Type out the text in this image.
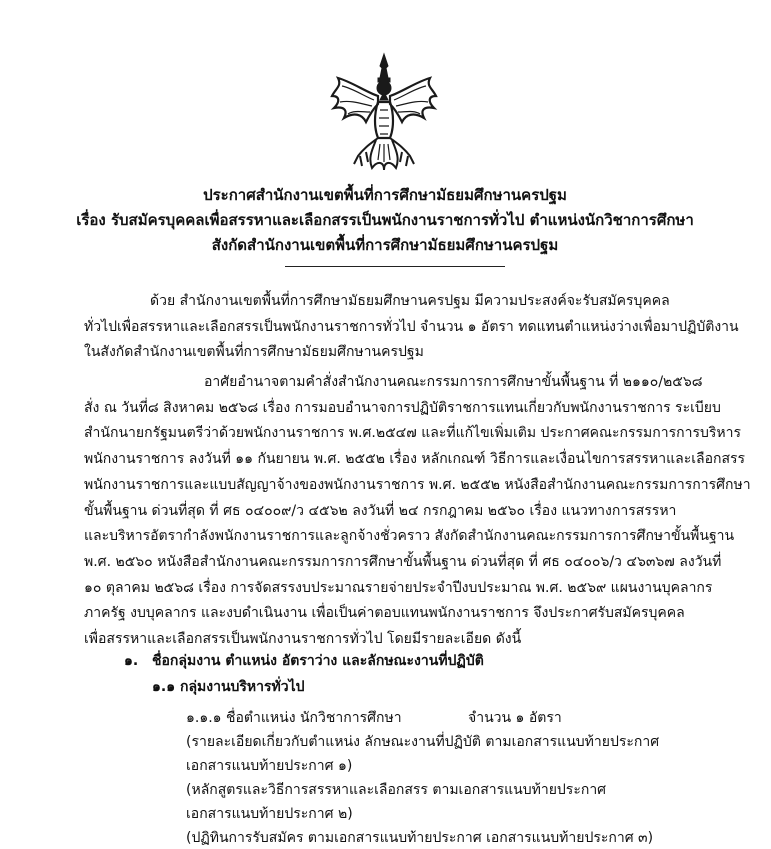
ประกาศสำนักงานเขตพื้นที่การศึกษามัธยมศึกษานครปฐม
เรื่อง รับสมัครบุคคลเพื่อสรรหาและเลือกสรรเป็นพนักงานราชการทั่วไป ตำแหน่งนักวิชาการศึกษา
สังกัดสำนักงานเขตพื้นที่การศึกษามัธยมศึกษานครปฐม
ด้วย สำนักงานเขตพื้นที่การศึกษามัธยมศึกษานครปฐม มีความประสงค์จะรับสมัครบุคคล
ทั่วไปเพื่อสรรหาและเลือกสรรเป็นพนักงานราชการทั่วไป จำนวน ๑ อัตรา ทดแทนตำแหน่งว่างเพื่อมาปฏิบัติงาน
ในสังกัดสำนักงานเขตพื้นที่การศึกษามัธยมศึกษานครปฐม
อาศัยอำนาจตามคำสั่งสำนักงานคณะกรรมการการศึกษาขั้นพื้นฐาน ที่ ๒๑๑๐/๒๕๖๘
สั่ง ณ วันที่๘ สิงหาคม ๒๕๖๘ เรื่อง การมอบอำนาจการปฏิบัติราชการแทนเกี่ยวกับพนักงานราชการ ระเบียบ
สำนักนายกรัฐมนตรีว่าด้วยพนักงานราชการ พ.ศ.๒๕๔๗ และที่แก้ไขเพิ่มเติม ประกาศคณะกรรมการการบริหาร
พนักงานราชการ ลงวันที่ ๑๑ กันยายน พ.ศ. ๒๕๕๒ เรื่อง หลักเกณฑ์ วิธีการและเงื่อนไขการสรรหาและเลือกสรร
พนักงานราชการและแบบสัญญาจ้างของพนักงานราชการ พ.ศ. ๒๕๕๒ หนังสือสำนักงานคณะกรรมการการศึกษา
ขั้นพื้นฐาน ด่วนที่สุด ที่ ศธ ๐๔๐๐๙/ว ๔๕๖๒ ลงวันที่ ๒๔ กรกฎาคม ๒๕๖๐ เรื่อง แนวทางการสรรหา
และบริหารอัตรากำลังพนักงานราชการและลูกจ้างชั่วคราว สังกัดสำนักงานคณะกรรมการการศึกษาขั้นพื้นฐาน
พ.ศ. ๒๕๖๐ หนังสือสำนักงานคณะกรรมการการศึกษาขั้นพื้นฐาน ด่วนที่สุด ที่ ศธ ๐๔๐๐๖/ว ๔๖๓๖๗ ลงวันที่
๑๐ ตุลาคม ๒๕๖๘ เรื่อง การจัดสรรงบประมาณรายจ่ายประจำปีงบประมาณ พ.ศ. ๒๕๖๙ แผนงานบุคลากร
ภาครัฐ งบบุคลากร และงบดำเนินงาน เพื่อเป็นค่าตอบแทนพนักงานราชการ จึงประกาศรับสมัครบุคคล
เพื่อสรรหาและเลือกสรรเป็นพนักงานราชการทั่วไป โดยมีรายละเอียด ดังนี้
๑. ชื่อกลุ่มงาน ตำแหน่ง อัตราว่าง และลักษณะงานที่ปฏิบัติ
๑.๑ กลุ่มงานบริหารทั่วไป
๑.๑.๑ ชื่อตำแหน่ง นักวิชาการศึกษา	จำนวน ๑ อัตรา
(รายละเอียดเกี่ยวกับตำแหน่ง ลักษณะงานที่ปฏิบัติ ตามเอกสารแนบท้ายประกาศ
เอกสารแนบท้ายประกาศ ๑)
(หลักสูตรและวิธีการสรรหาและเลือกสรร ตามเอกสารแนบท้ายประกาศ
เอกสารแนบท้ายประกาศ ๒)
(ปฏิทินการรับสมัคร ตามเอกสารแนบท้ายประกาศ เอกสารแนบท้ายประกาศ ๓)
